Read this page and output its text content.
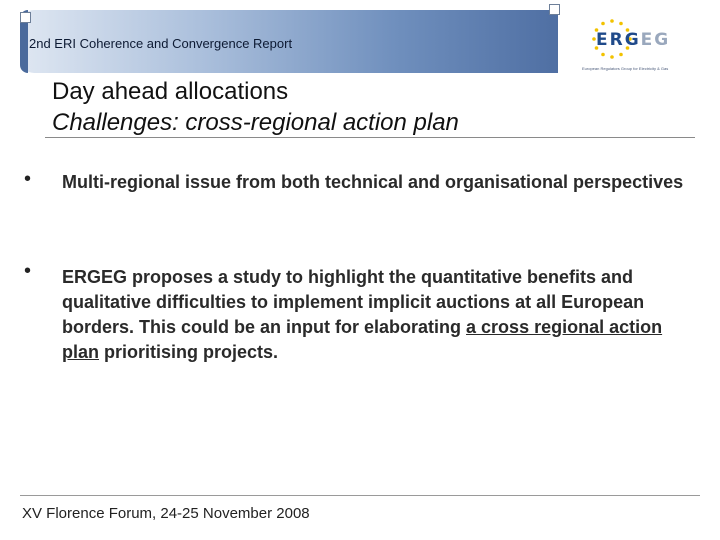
2nd ERI Coherence and Convergence Report	ERGEG
European Regulators Group for Electricity & Gas
Day ahead allocations
Challenges: cross-regional action plan
• Multi-regional issue from both technical and organisational perspectives
• ERGEG proposes a study to highlight the quantitative benefits and qualitative difficulties to implement implicit auctions at all European borders. This could be an input for elaborating a cross regional action plan prioritising projects.
XV Florence Forum, 24-25 November 2008
